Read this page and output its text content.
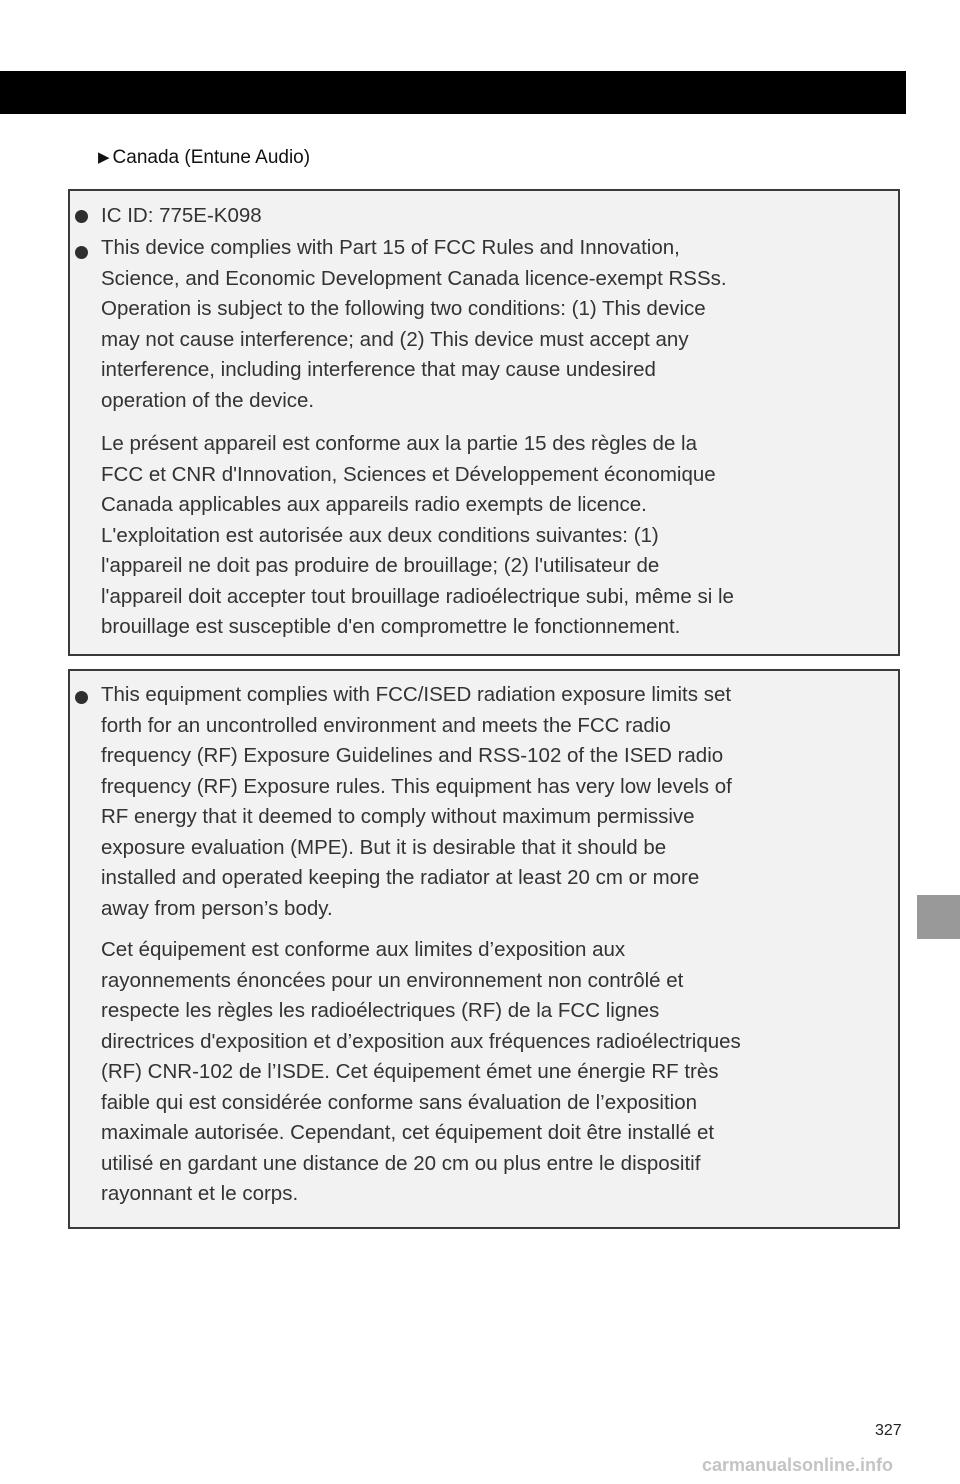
▶ Canada (Entune Audio)
IC ID: 775E-K098
This device complies with Part 15 of FCC Rules and Innovation,
Science, and Economic Development Canada licence-exempt RSSs.
Operation is subject to the following two conditions: (1) This device
may not cause interference; and (2) This device must accept any
interference, including interference that may cause undesired
operation of the device.
Le présent appareil est conforme aux la partie 15 des règles de la
FCC et CNR d'Innovation, Sciences et Développement économique
Canada applicables aux appareils radio exempts de licence.
L'exploitation est autorisée aux deux conditions suivantes: (1)
l'appareil ne doit pas produire de brouillage; (2) l'utilisateur de
l'appareil doit accepter tout brouillage radioélectrique subi, même si le
brouillage est susceptible d'en compromettre le fonctionnement.
This equipment complies with FCC/ISED radiation exposure limits set
forth for an uncontrolled environment and meets the FCC radio
frequency (RF) Exposure Guidelines and RSS-102 of the ISED radio
frequency (RF) Exposure rules. This equipment has very low levels of
RF energy that it deemed to comply without maximum permissive
exposure evaluation (MPE). But it is desirable that it should be
installed and operated keeping the radiator at least 20 cm or more
away from person’s body.
Cet équipement est conforme aux limites d’exposition aux
rayonnements énoncées pour un environnement non contrôlé et
respecte les règles les radioélectriques (RF) de la FCC lignes
directrices d'exposition et d’exposition aux fréquences radioélectriques
(RF) CNR-102 de l’ISDE. Cet équipement émet une énergie RF très
faible qui est considérée conforme sans évaluation de l’exposition
maximale autorisée. Cependant, cet équipement doit être installé et
utilisé en gardant une distance de 20 cm ou plus entre le dispositif
rayonnant et le corps.
327
carmanualsonline.info
